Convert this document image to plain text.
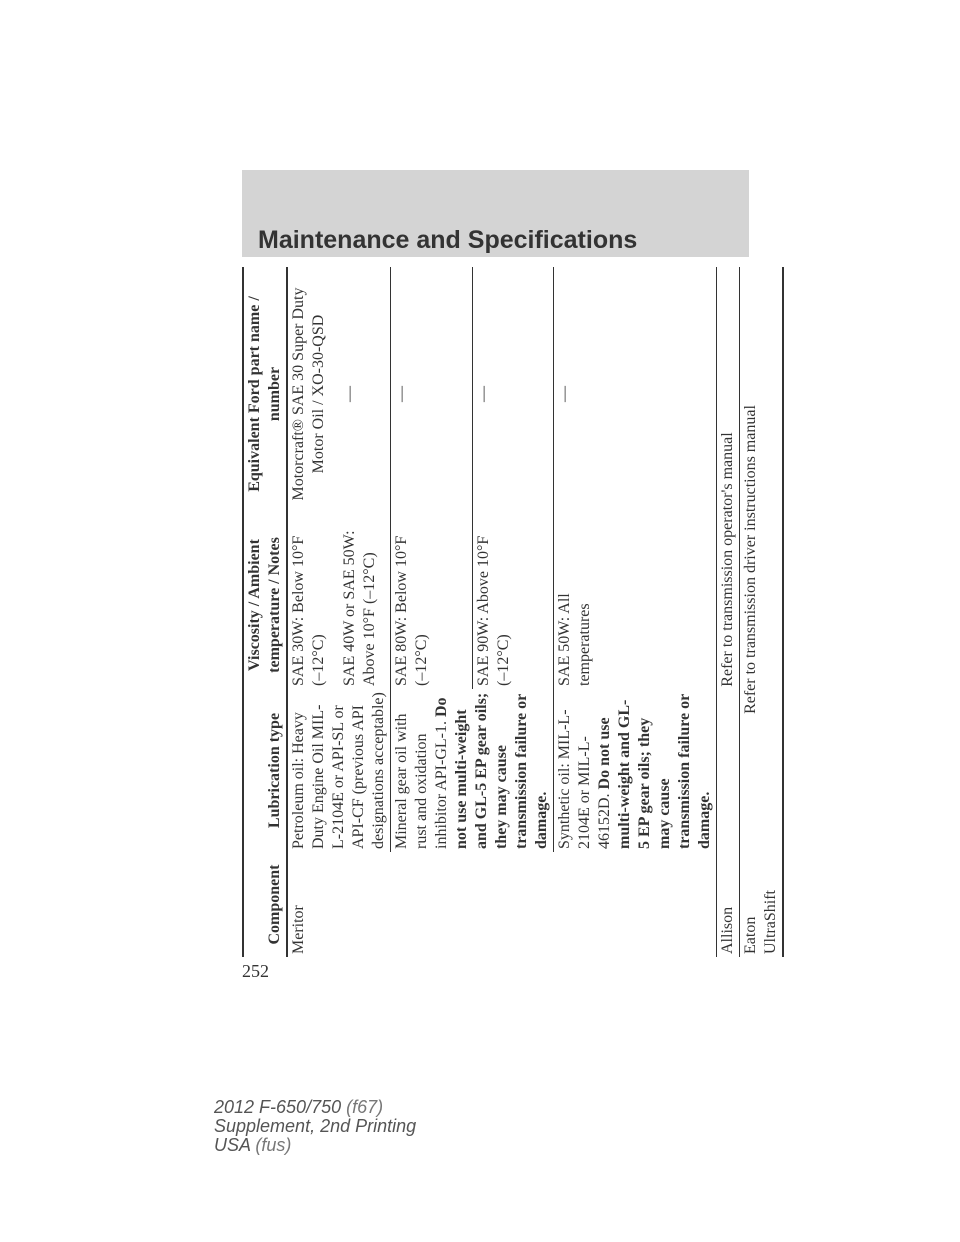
Maintenance and Specifications
Component	Lubrication type	Viscosity / Ambient temperature / Notes	Equivalent Ford part name / number
Meritor	Petroleum oil: Heavy Duty Engine Oil MIL-L-2104E or API-SL or API-CF (previous API designations acceptable)	SAE 30W: Below 10°F (–12°C)	Motorcraft® SAE 30 Super Duty Motor Oil / XO-30-QSD
		SAE 40W or SAE 50W: Above 10°F (–12°C)	—
	Mineral gear oil with rust and oxidation inhibitor API-GL-1. Do not use multi-weight and GL-5 EP gear oils; they may cause transmission failure or damage.	SAE 80W: Below 10°F (–12°C)	—
		SAE 90W: Above 10°F (–12°C)	—
	Synthetic oil: MIL-L-2104E or MIL-L-46152D. Do not use multi-weight and GL-5 EP gear oils; they may cause transmission failure or damage.	SAE 50W: All temperatures	—

Allison	Refer to transmission operator's manual		
Eaton UltraShift	Refer to transmission driver instructions manual		
252
2012 F-650/750 (f67)
Supplement, 2nd Printing
USA (fus)
